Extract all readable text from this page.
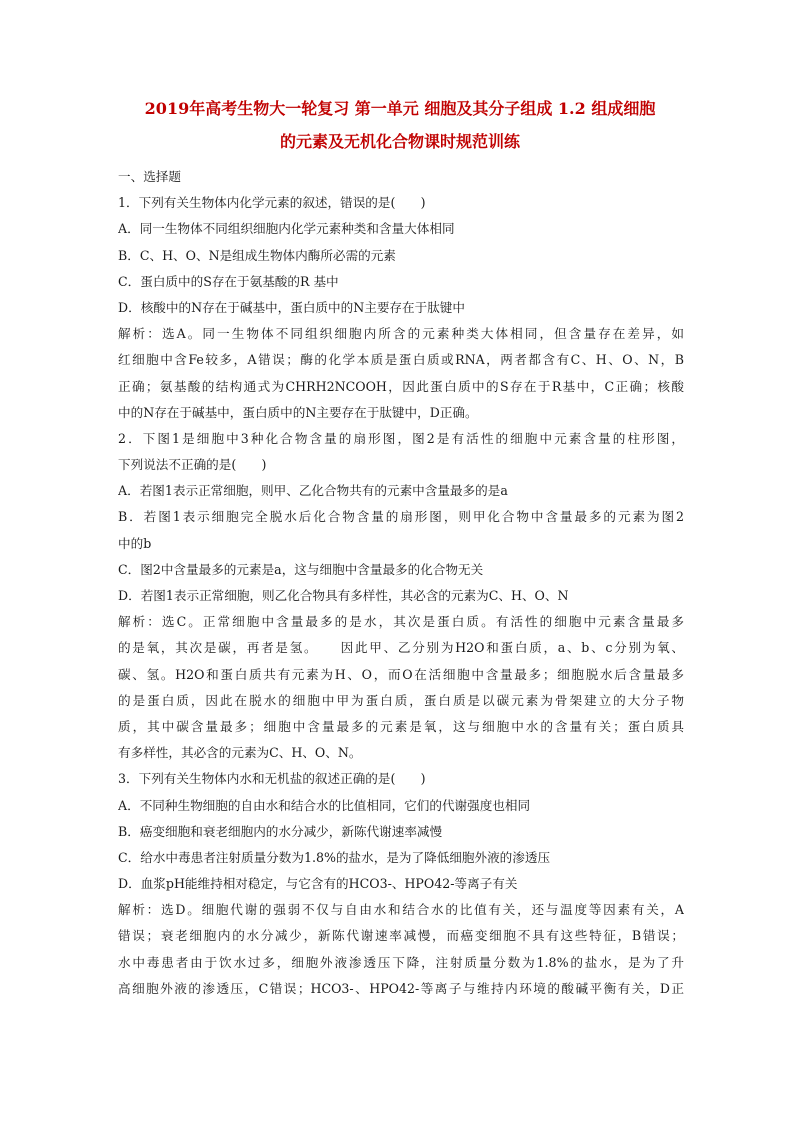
2019年高考生物大一轮复习 第一单元 细胞及其分子组成 1.2 组成细胞
的元素及无机化合物课时规范训练
一、选择题
1．下列有关生物体内化学元素的叙述，错误的是(　　)
A．同一生物体不同组织细胞内化学元素种类和含量大体相同
B．C、H、O、N是组成生物体内酶所必需的元素
C．蛋白质中的S存在于氨基酸的R 基中
D．核酸中的N存在于碱基中，蛋白质中的N主要存在于肽键中
解析：选A。同一生物体不同组织细胞内所含的元素种类大体相同，但含量存在差异，如
红细胞中含Fe较多，A错误；酶的化学本质是蛋白质或RNA，两者都含有C、H、O、N，B
正确；氨基酸的结构通式为CHRH2NCOOH，因此蛋白质中的S存在于R基中，C正确；核酸
中的N存在于碱基中，蛋白质中的N主要存在于肽键中，D正确。
2．下图1是细胞中3种化合物含量的扇形图，图2是有活性的细胞中元素含量的柱形图，
下列说法不正确的是(　　)
A．若图1表示正常细胞，则甲、乙化合物共有的元素中含量最多的是a
B．若图1表示细胞完全脱水后化合物含量的扇形图，则甲化合物中含量最多的元素为图2
中的b
C．图2中含量最多的元素是a，这与细胞中含量最多的化合物无关
D．若图1表示正常细胞，则乙化合物具有多样性，其必含的元素为C、H、O、N
解析：选C。正常细胞中含量最多的是水，其次是蛋白质。有活性的细胞中元素含量最多
的是氧，其次是碳，再者是氢。　　因此甲、乙分别为H2O和蛋白质，a、b、c分别为氧、
碳、氢。H2O和蛋白质共有元素为H、O，而O在活细胞中含量最多；细胞脱水后含量最多
的是蛋白质，因此在脱水的细胞中甲为蛋白质，蛋白质是以碳元素为骨架建立的大分子物
质，其中碳含量最多；细胞中含量最多的元素是氧，这与细胞中水的含量有关；蛋白质具
有多样性，其必含的元素为C、H、O、N。
3．下列有关生物体内水和无机盐的叙述正确的是(　　)
A．不同种生物细胞的自由水和结合水的比值相同，它们的代谢强度也相同
B．癌变细胞和衰老细胞内的水分减少，新陈代谢速率减慢
C．给水中毒患者注射质量分数为1.8%的盐水，是为了降低细胞外液的渗透压
D．血浆pH能维持相对稳定，与它含有的HCO3-、HPO42-等离子有关
解析：选D。细胞代谢的强弱不仅与自由水和结合水的比值有关，还与温度等因素有关，A
错误；衰老细胞内的水分减少，新陈代谢速率减慢，而癌变细胞不具有这些特征，B错误；
水中毒患者由于饮水过多，细胞外液渗透压下降，注射质量分数为1.8%的盐水，是为了升
高细胞外液的渗透压，C错误；HCO3-、HPO42-等离子与维持内环境的酸碱平衡有关，D正
